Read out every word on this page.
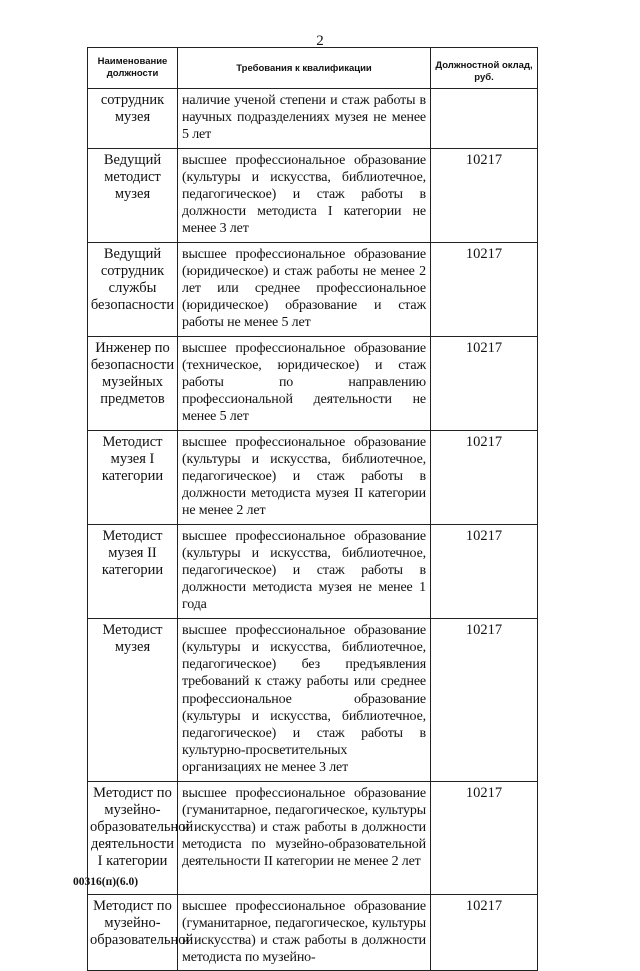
2
Наименование должности	Требования к квалификации	Должностной оклад, руб.
сотрудник музея	наличие ученой степени и стаж работы в научных подразделениях музея не менее 5 лет	
Ведущий методист музея	высшее профессиональное образование (культуры и искусства, библиотечное, педагогическое) и стаж работы в должности методиста I категории не менее 3 лет	10217
Ведущий сотрудник службы безопасности	высшее профессиональное образование (юридическое) и стаж работы не менее 2 лет или среднее профессиональное (юридическое) образование и стаж работы не менее 5 лет	10217
Инженер по безопасности музейных предметов	высшее профессиональное образование (техническое, юридическое) и стаж работы по направлению профессиональной деятельности не менее 5 лет	10217
Методист музея I категории	высшее профессиональное образование (культуры и искусства, библиотечное, педагогическое) и стаж работы в должности методиста музея II категории не менее 2 лет	10217
Методист музея II категории	высшее профессиональное образование (культуры и искусства, библиотечное, педагогическое) и стаж работы в должности методиста музея не менее 1 года	10217
Методист музея	высшее профессиональное образование (культуры и искусства, библиотечное, педагогическое) без предъявления требований к стажу работы или среднее профессиональное образование (культуры и искусства, библиотечное, педагогическое) и стаж работы в культурно-просветительных организациях не менее 3 лет	10217
Методист по музейно-образовательной деятельности I категории	высшее профессиональное образование (гуманитарное, педагогическое, культуры и искусства) и стаж работы в должности методиста по музейно-образовательной деятельности II категории не менее 2 лет	10217
Методист по музейно-образовательной	высшее профессиональное образование (гуманитарное, педагогическое, культуры и искусства) и стаж работы в должности методиста по музейно-	10217
00316(п)(6.0)
